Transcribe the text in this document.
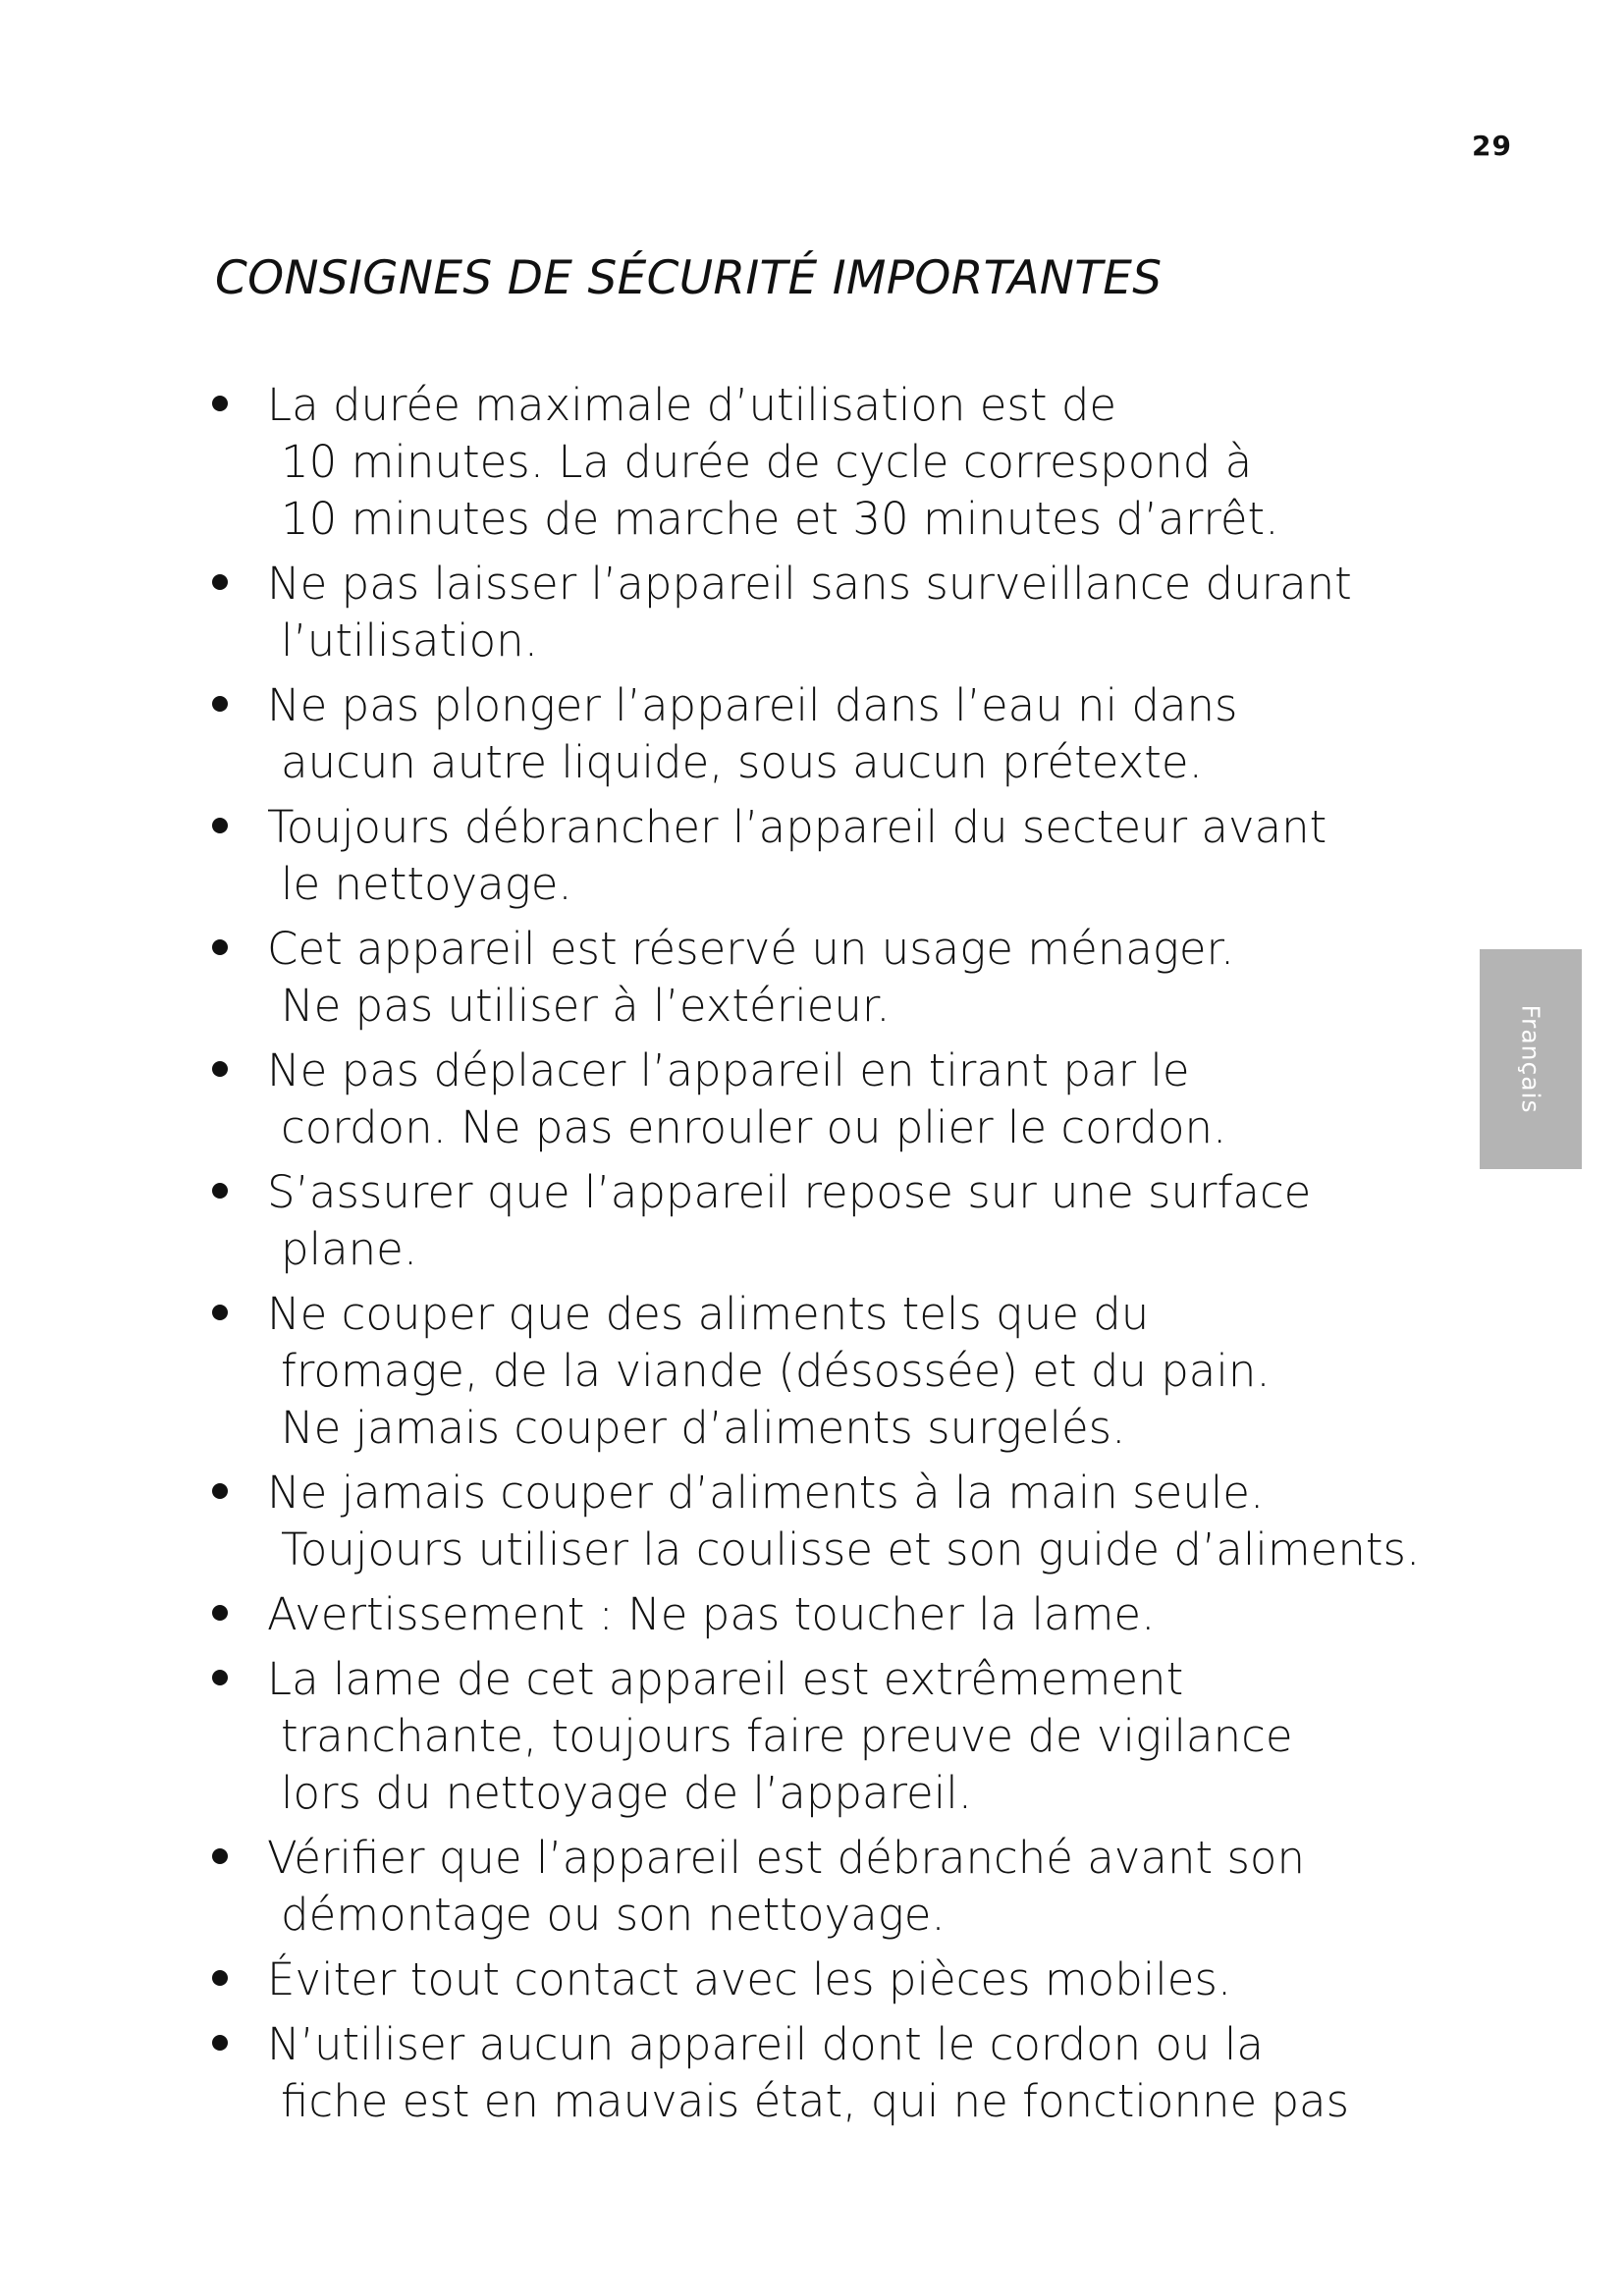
29
CONSIGNES DE SÉCURITÉ IMPORTANTES
La durée maximale d’utilisation est de
10 minutes. La durée de cycle correspond à
10 minutes de marche et 30 minutes d’arrêt.
Ne pas laisser l’appareil sans surveillance durant
l’utilisation.
Ne pas plonger l’appareil dans l’eau ni dans
aucun autre liquide, sous aucun prétexte.
Toujours débrancher l’appareil du secteur avant
le nettoyage.
Cet appareil est réservé un usage ménager.
Ne pas utiliser à l’extérieur.
Ne pas déplacer l’appareil en tirant par le
cordon. Ne pas enrouler ou plier le cordon.
S’assurer que l’appareil repose sur une surface
plane.
Ne couper que des aliments tels que du
fromage, de la viande (désossée) et du pain.
Ne jamais couper d’aliments surgelés.
Ne jamais couper d’aliments à la main seule.
Toujours utiliser la coulisse et son guide d’aliments.
Avertissement : Ne pas toucher la lame.
La lame de cet appareil est extrêmement
tranchante, toujours faire preuve de vigilance
lors du nettoyage de l’appareil.
Vérifier que l’appareil est débranché avant son
démontage ou son nettoyage.
Éviter tout contact avec les pièces mobiles.
N’utiliser aucun appareil dont le cordon ou la
fiche est en mauvais état, qui ne fonctionne pas
Français
